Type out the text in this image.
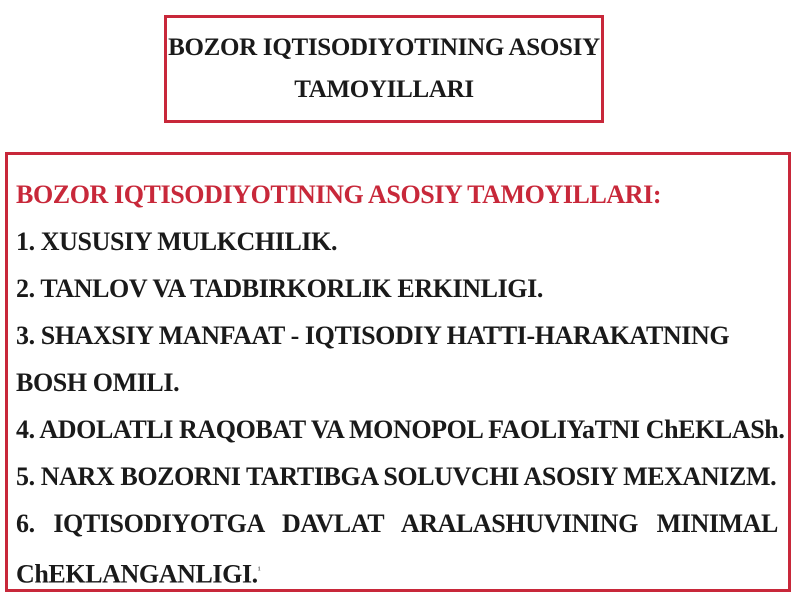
BOZOR IQTISODIYOTINING ASOSIY
TAMOYILLARI
BOZOR IQTISODIYOTINING ASOSIY TAMOYILLARI:
1. XUSUSIY MULKCHILIK.
2. TANLOV VA TADBIRKORLIK ERKINLIGI.
3. SHAXSIY MANFAAT - IQTISODIY HATTI-HARAKATNING BOSH OMILI.
4. ADOLATLI RAQOBAT VA MONOPOL FAOLIYaTNI ChEKLASh.
5. NARX BOZORNI TARTIBGA SOLUVCHI ASOSIY MEXANIZM.
6. IQTISODIYOTGA DAVLAT ARALASHUVINING MINIMAL ChEKLANGANLIGI.$^{^1}$
